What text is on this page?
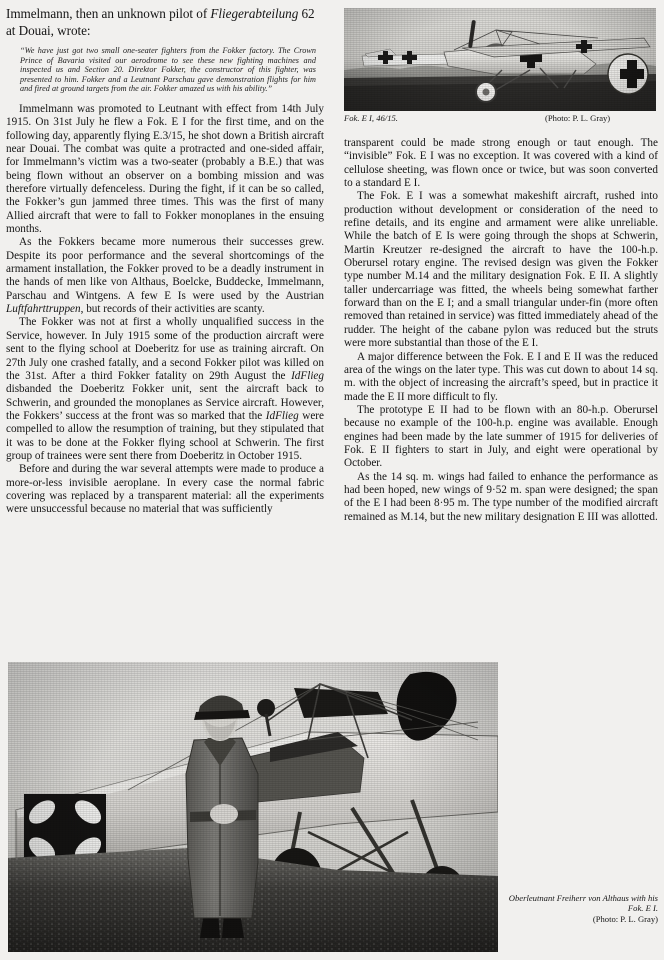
Fok. E I, 46/15.	(Photo: P. L. Gray)
Immelmann, then an unknown pilot of Fliegerabteilung 62 at Douai, wrote:
“We have just got two small one-seater fighters from the Fokker factory. The Crown Prince of Bavaria visited our aerodrome to see these new fighting machines and inspected us and Section 20. Direktor Fokker, the constructor of this fighter, was presented to him. Fokker and a Leutnant Parschau gave demonstration flights for him and fired at ground targets from the air. Fokker amazed us with his ability.”

Immelmann was promoted to Leutnant with effect from 14th July 1915. On 31st July he flew a Fok. E I for the first time, and on the following day, apparently flying E.3/15, he shot down a British aircraft near Douai. The combat was quite a protracted and one-sided affair, for Immelmann’s victim was a two-seater (probably a B.E.) that was being flown without an observer on a bombing mission and was therefore virtually defenceless. During the fight, if it can be so called, the Fokker’s gun jammed three times. This was the first of many Allied aircraft that were to fall to Fokker monoplanes in the ensuing months.

As the Fokkers became more numerous their successes grew. Despite its poor performance and the several shortcomings of the armament installation, the Fokker proved to be a deadly instrument in the hands of men like von Althaus, Boelcke, Buddecke, Immelmann, Parschau and Wintgens. A few E Is were used by the Austrian Luftfahrttruppen, but records of their activities are scanty.

The Fokker was not at first a wholly unqualified success in the Service, however. In July 1915 some of the production aircraft were sent to the flying school at Doeberitz for use as training aircraft. On 27th July one crashed fatally, and a second Fokker pilot was killed on the 31st. After a third Fokker fatality on 29th August the IdFlieg disbanded the Doeberitz Fokker unit, sent the aircraft back to Schwerin, and grounded the monoplanes as Service aircraft. However, the Fokkers’ success at the front was so marked that the IdFlieg were compelled to allow the resumption of training, but they stipulated that it was to be done at the Fokker flying school at Schwerin. The first group of trainees were sent there from Doeberitz in October 1915.

Before and during the war several attempts were made to produce a more-or-less invisible aeroplane. In every case the normal fabric covering was replaced by a transparent material: all the experiments were unsuccessful because no material that was sufficiently

transparent could be made strong enough or taut enough. The “invisible” Fok. E I was no exception. It was covered with a kind of cellulose sheeting, was flown once or twice, but was soon converted to a standard E I.

The Fok. E I was a somewhat makeshift aircraft, rushed into production without development or consideration of the need to refine details, and its engine and armament were alike unreliable. While the batch of E Is were going through the shops at Schwerin, Martin Kreutzer re-designed the aircraft to have the 100-h.p. Oberursel rotary engine. The revised design was given the Fokker type number M.14 and the military designation Fok. E II. A slightly taller undercarriage was fitted, the wheels being somewhat farther forward than on the E I; and a small triangular under-fin (more often removed than retained in service) was fitted immediately ahead of the rudder. The height of the cabane pylon was reduced but the struts were more substantial than those of the E I.

A major difference between the Fok. E I and E II was the reduced area of the wings on the later type. This was cut down to about 14 sq. m. with the object of increasing the aircraft’s speed, but in practice it made the E II more difficult to fly.

The prototype E II had to be flown with an 80-h.p. Oberursel because no example of the 100-h.p. engine was available. Enough engines had been made by the late summer of 1915 for deliveries of Fok. E II fighters to start in July, and eight were operational by October.

As the 14 sq. m. wings had failed to enhance the performance as had been hoped, new wings of 9·52 m. span were designed; the span of the E I had been 8·95 m. The type number of the modified aircraft remained as M.14, but the new military designation E III was allotted.

Oberleutnant Freiherr von Althaus with his Fok. E I.
(Photo: P. L. Gray)
